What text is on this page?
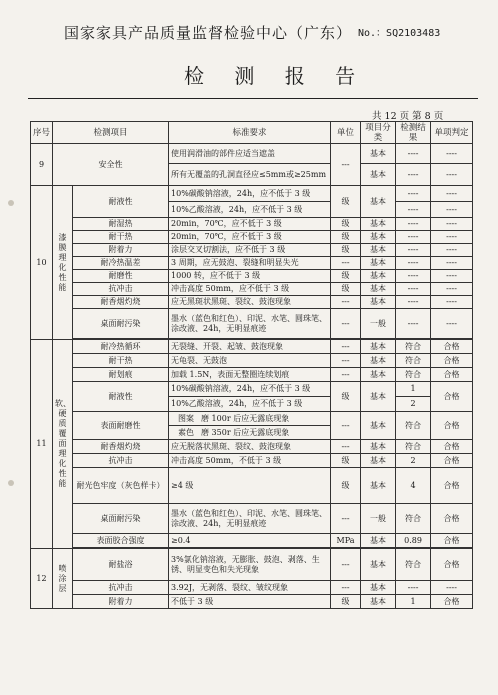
国家家具产品质量监督检验中心（广东） No.：SQ2103483
检 测 报 告
共 12 页 第 8 页
序号	检测项目		标准要求	单位	项目分类	检测结果	单项判定
9	安全性		使用润滑油的部件应适当遮盖	---	基本	----	----
			所有无覆盖的孔洞直径应≤5mm或≥25mm		基本	----	----
10	漆膜理化性能	耐液性	10%碳酸钠溶液，24h，应不低于 3 级	级	基本	----	----
			10%乙酸溶液，24h，应不低于 3 级			----	----
		耐湿热	20min，70℃，应不低于 3 级	级	基本	----	----
		耐干热	20min，70℃，应不低于 3 级	级	基本	----	----
		附着力	涂层交叉切割法，应不低于 3 级	级	基本	----	----
		耐冷热温差	3 周期，应无鼓泡、裂缝和明显失光	---	基本	----	----
		耐磨性	1000 转，应不低于 3 级	级	基本	----	----
		抗冲击	冲击高度 50mm，应不低于 3 级	级	基本	----	----
		耐香烟灼烧	应无黑斑状黑斑、裂纹、鼓泡现象	---	基本	----	----
		桌面耐污染	墨水（蓝色和红色）、印泥、水笔、圆珠笔、涂改液、24h，无明显痕迹	---	一般	----	----

11	软、硬质覆面理化性能	耐冷热循环	无裂缝、开裂、起皱、鼓泡现象	---	基本	符合	合格
		耐干热	无龟裂、无鼓泡	---	基本	符合	合格
		耐划痕	加载 1.5N，表面无整圈连续划痕	---	基本	符合	合格
		耐液性	10%碳酸钠溶液，24h，应不低于 3 级	级	基本	1	合格
			10%乙酸溶液，24h，应不低于 3 级			2	
		表面耐磨性	图案 磨 100r 后应无露底现象	---	基本	符合	合格
			素色 磨 350r 后应无露底现象				
		耐香烟灼烧	应无脱落状黑斑、裂纹、鼓泡现象	---	基本	符合	合格
		抗冲击	冲击高度 50mm，不低于 3 级	级	基本	2	合格
		耐光色牢度（灰色样卡）	≥4 级	级	基本	4	合格
		桌面耐污染	墨水（蓝色和红色）、印泥、水笔、圆珠笔、涂改液、24h，无明显痕迹	---	一般	符合	合格
		表面胶合强度	≥0.4	MPa	基本	0.89	合格

12	喷涂层	耐盐浴	3%氯化钠溶液，无膨胀、鼓泡、剥落、生锈、明显变色和失光现象	---	基本	符合	合格
		抗冲击	3.92J，无剥落、裂纹、皱纹现象	---	基本	----	----
		附着力	不低于 3 级	级	基本	1	合格
